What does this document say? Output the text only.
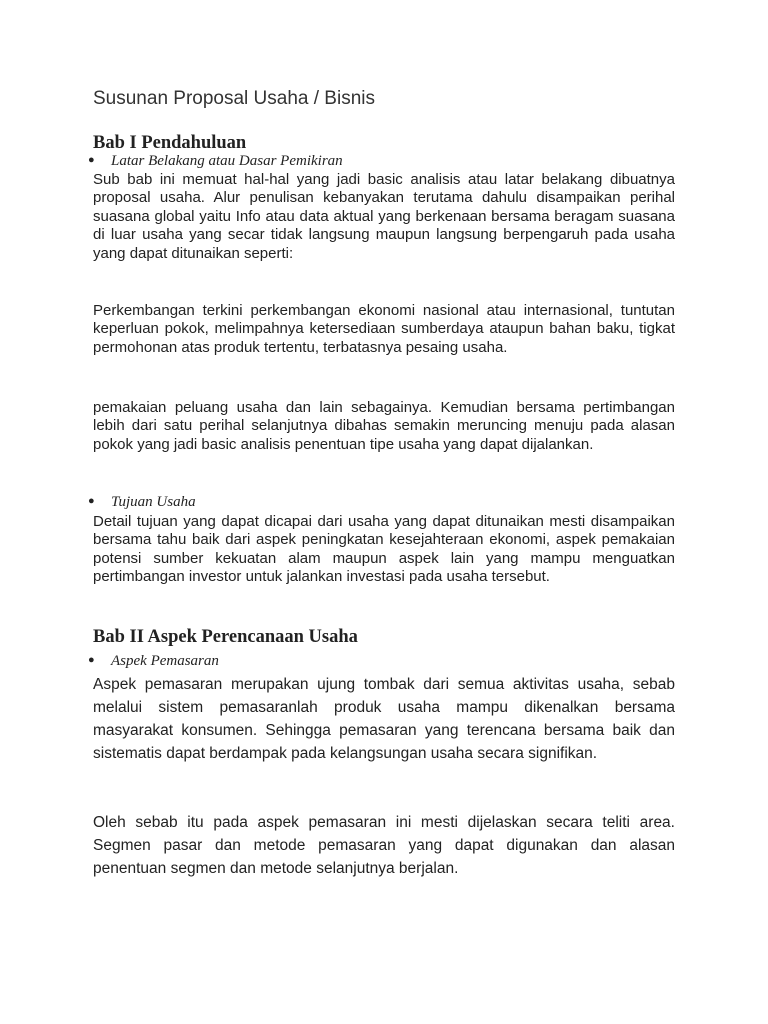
Susunan Proposal Usaha / Bisnis
Bab I Pendahuluan
● Latar Belakang atau Dasar Pemikiran

Sub bab ini memuat hal-hal yang jadi basic analisis atau latar belakang dibuatnya proposal usaha. Alur penulisan kebanyakan terutama dahulu disampaikan perihal suasana global yaitu Info atau data aktual yang berkenaan bersama beragam suasana di luar usaha yang secar tidak langsung maupun langsung berpengaruh pada usaha yang dapat ditunaikan seperti:

Perkembangan terkini perkembangan ekonomi nasional atau internasional, tuntutan keperluan pokok, melimpahnya ketersediaan sumberdaya ataupun bahan baku, tigkat permohonan atas produk tertentu, terbatasnya pesaing usaha.

pemakaian peluang usaha dan lain sebagainya. Kemudian bersama pertimbangan lebih dari satu perihal selanjutnya dibahas semakin meruncing menuju pada alasan pokok yang jadi basic analisis penentuan tipe usaha yang dapat dijalankan.

● Tujuan Usaha

Detail tujuan yang dapat dicapai dari usaha yang dapat ditunaikan mesti disampaikan bersama tahu baik dari aspek peningkatan kesejahteraan ekonomi, aspek pemakaian potensi sumber kekuatan alam maupun aspek lain yang mampu menguatkan pertimbangan investor untuk jalankan investasi pada usaha tersebut.

Bab II Aspek Perencanaan Usaha
● Aspek Pemasaran

Aspek pemasaran merupakan ujung tombak dari semua aktivitas usaha, sebab melalui sistem pemasaranlah produk usaha mampu dikenalkan bersama masyarakat konsumen. Sehingga pemasaran yang terencana bersama baik dan sistematis dapat berdampak pada kelangsungan usaha secara signifikan.

Oleh sebab itu pada aspek pemasaran ini mesti dijelaskan secara teliti area. Segmen pasar dan metode pemasaran yang dapat digunakan dan alasan penentuan segmen dan metode selanjutnya berjalan.
